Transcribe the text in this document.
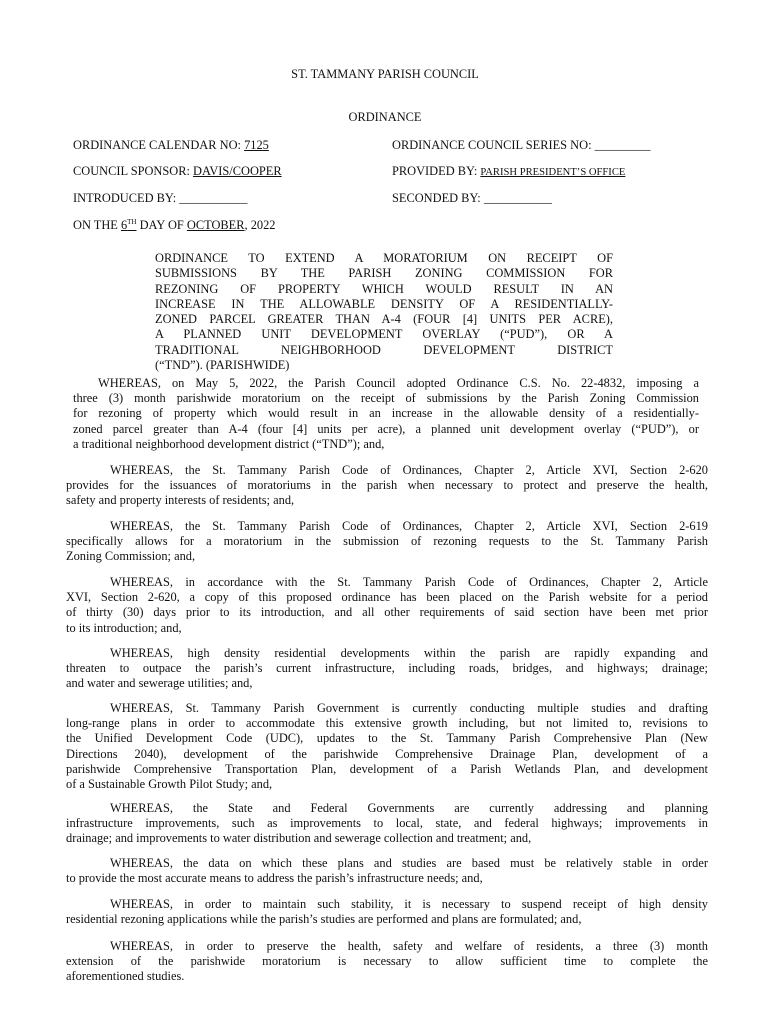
ST. TAMMANY PARISH COUNCIL
ORDINANCE
ORDINANCE CALENDAR NO: 7125	ORDINANCE COUNCIL SERIES NO: _________
COUNCIL SPONSOR: DAVIS/COOPER	PROVIDED BY: PARISH PRESIDENT’S OFFICE
INTRODUCED BY: ___________	SECONDED BY: ___________
ON THE 6TH DAY OF OCTOBER, 2022
ORDINANCE TO EXTEND A MORATORIUM ON RECEIPT OF
SUBMISSIONS BY THE PARISH ZONING COMMISSION FOR
REZONING OF PROPERTY WHICH WOULD RESULT IN AN
INCREASE IN THE ALLOWABLE DENSITY OF A RESIDENTIALLY-
ZONED PARCEL GREATER THAN A-4 (FOUR [4] UNITS PER ACRE),
A PLANNED UNIT DEVELOPMENT OVERLAY (“PUD”), OR A
TRADITIONAL NEIGHBORHOOD DEVELOPMENT DISTRICT
(“TND”). (PARISHWIDE)
WHEREAS, on May 5, 2022, the Parish Council adopted Ordinance C.S. No. 22-4832, imposing a
three (3) month parishwide moratorium on the receipt of submissions by the Parish Zoning Commission
for rezoning of property which would result in an increase in the allowable density of a residentially-
zoned parcel greater than A-4 (four [4] units per acre), a planned unit development overlay (“PUD”), or
a traditional neighborhood development district (“TND”); and,
WHEREAS, the St. Tammany Parish Code of Ordinances, Chapter 2, Article XVI, Section 2-620
provides for the issuances of moratoriums in the parish when necessary to protect and preserve the health,
safety and property interests of residents; and,
WHEREAS, the St. Tammany Parish Code of Ordinances, Chapter 2, Article XVI, Section 2-619
specifically allows for a moratorium in the submission of rezoning requests to the St. Tammany Parish
Zoning Commission; and,
WHEREAS, in accordance with the St. Tammany Parish Code of Ordinances, Chapter 2, Article
XVI, Section 2-620, a copy of this proposed ordinance has been placed on the Parish website for a period
of thirty (30) days prior to its introduction, and all other requirements of said section have been met prior
to its introduction; and,
WHEREAS, high density residential developments within the parish are rapidly expanding and
threaten to outpace the parish’s current infrastructure, including roads, bridges, and highways; drainage;
and water and sewerage utilities; and,
WHEREAS, St. Tammany Parish Government is currently conducting multiple studies and drafting
long-range plans in order to accommodate this extensive growth including, but not limited to, revisions to
the Unified Development Code (UDC), updates to the St. Tammany Parish Comprehensive Plan (New
Directions 2040), development of the parishwide Comprehensive Drainage Plan, development of a
parishwide Comprehensive Transportation Plan, development of a Parish Wetlands Plan, and development
of a Sustainable Growth Pilot Study; and,
WHEREAS, the State and Federal Governments are currently addressing and planning
infrastructure improvements, such as improvements to local, state, and federal highways; improvements in
drainage; and improvements to water distribution and sewerage collection and treatment; and,
WHEREAS, the data on which these plans and studies are based must be relatively stable in order
to provide the most accurate means to address the parish’s infrastructure needs; and,
WHEREAS, in order to maintain such stability, it is necessary to suspend receipt of high density
residential rezoning applications while the parish’s studies are performed and plans are formulated; and,
WHEREAS, in order to preserve the health, safety and welfare of residents, a three (3) month
extension of the parishwide moratorium is necessary to allow sufficient time to complete the
aforementioned studies.
